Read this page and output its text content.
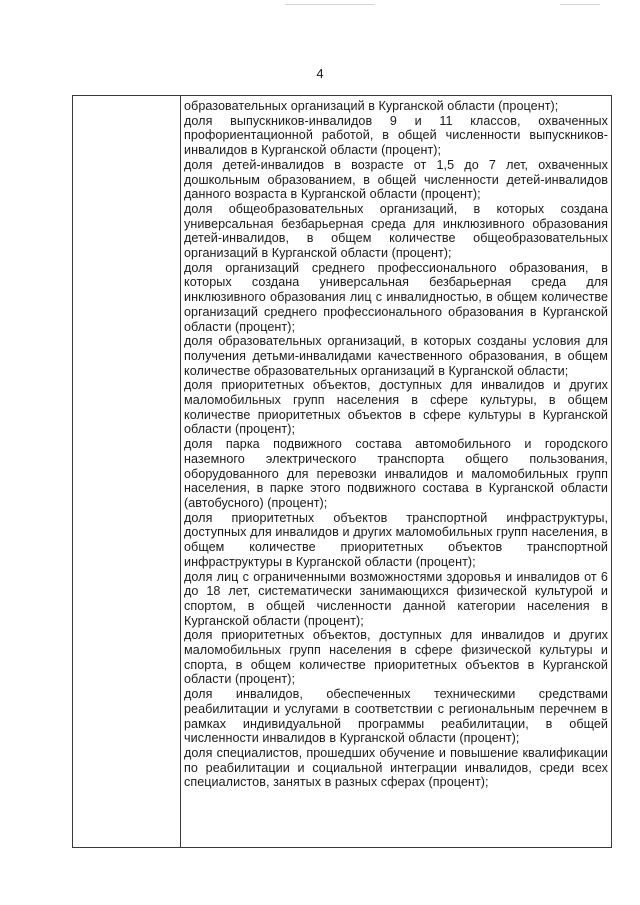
4

образовательных организаций в Курганской области (процент);

доля выпускников-инвалидов 9 и 11 классов, охваченных профориентационной работой, в общей численности выпускников-инвалидов в Курганской области (процент);

доля детей-инвалидов в возрасте от 1,5 до 7 лет, охваченных дошкольным образованием, в общей численности детей-инвалидов данного возраста в Курганской области (процент);

доля общеобразовательных организаций, в которых создана универсальная безбарьерная среда для инклюзивного образования детей-инвалидов, в общем количестве общеобразовательных организаций в Курганской области (процент);

доля организаций среднего профессионального образования, в которых создана универсальная безбарьерная среда для инклюзивного образования лиц с инвалидностью, в общем количестве организаций среднего профессионального образования в Курганской области (процент);

доля образовательных организаций, в которых созданы условия для получения детьми-инвалидами качественного образования, в общем количестве образовательных организаций в Курганской области;

доля приоритетных объектов, доступных для инвалидов и других маломобильных групп населения в сфере культуры, в общем количестве приоритетных объектов в сфере культуры в Курганской области (процент);

доля парка подвижного состава автомобильного и городского наземного электрического транспорта общего пользования, оборудованного для перевозки инвалидов и маломобильных групп населения, в парке этого подвижного состава в Курганской области (автобусного) (процент);

доля приоритетных объектов транспортной инфраструктуры, доступных для инвалидов и других маломобильных групп населения, в общем количестве приоритетных объектов транспортной инфраструктуры в Курганской области (процент);

доля лиц с ограниченными возможностями здоровья и инвалидов от 6 до 18 лет, систематически занимающихся физической культурой и спортом, в общей численности данной категории населения в Курганской области (процент);

доля приоритетных объектов, доступных для инвалидов и других маломобильных групп населения в сфере физической культуры и спорта, в общем количестве приоритетных объектов в Курганской области (процент);

доля инвалидов, обеспеченных техническими средствами реабилитации и услугами в соответствии с региональным перечнем в рамках индивидуальной программы реабилитации, в общей численности инвалидов в Курганской области (процент);

доля специалистов, прошедших обучение и повышение квалификации по реабилитации и социальной интеграции инвалидов, среди всех специалистов, занятых в разных сферах (процент);
